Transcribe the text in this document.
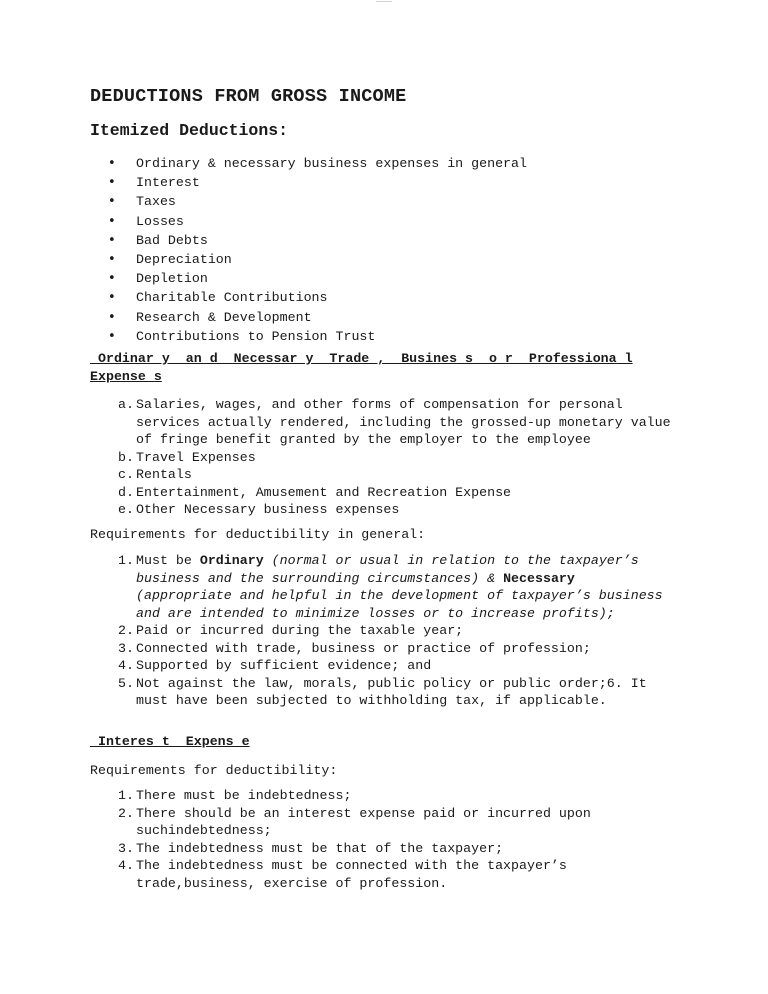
DEDUCTIONS FROM GROSS INCOME
Itemized Deductions:
• Ordinary & necessary business expenses in general
• Interest
• Taxes
• Losses
• Bad Debts
• Depreciation
• Depletion
• Charitable Contributions
• Research & Development
• Contributions to Pension Trust
Ordinar y  an d  Necessar y  Trade ,  Busines s  o r  Professiona l
Expense s
a. Salaries, wages, and other forms of compensation for personal services actually rendered, including the grossed-up monetary value of fringe benefit granted by the employer to the employee
b. Travel Expenses
c. Rentals
d. Entertainment, Amusement and Recreation Expense
e. Other Necessary business expenses

Requirements for deductibility in general:

1. Must be Ordinary (normal or usual in relation to the taxpayer’s business and the surrounding circumstances) & Necessary (appropriate and helpful in the development of taxpayer’s business and are intended to minimize losses or to increase profits);
2. Paid or incurred during the taxable year;
3. Connected with trade, business or practice of profession;
4. Supported by sufficient evidence; and
5. Not against the law, morals, public policy or public order;6. It must have been subjected to withholding tax, if applicable.
Interes t  Expens e

Requirements for deductibility:

1. There must be indebtedness;
2. There should be an interest expense paid or incurred upon suchindebtedness;
3. The indebtedness must be that of the taxpayer;
4. The indebtedness must be connected with the taxpayer’s trade,business, exercise of profession.
